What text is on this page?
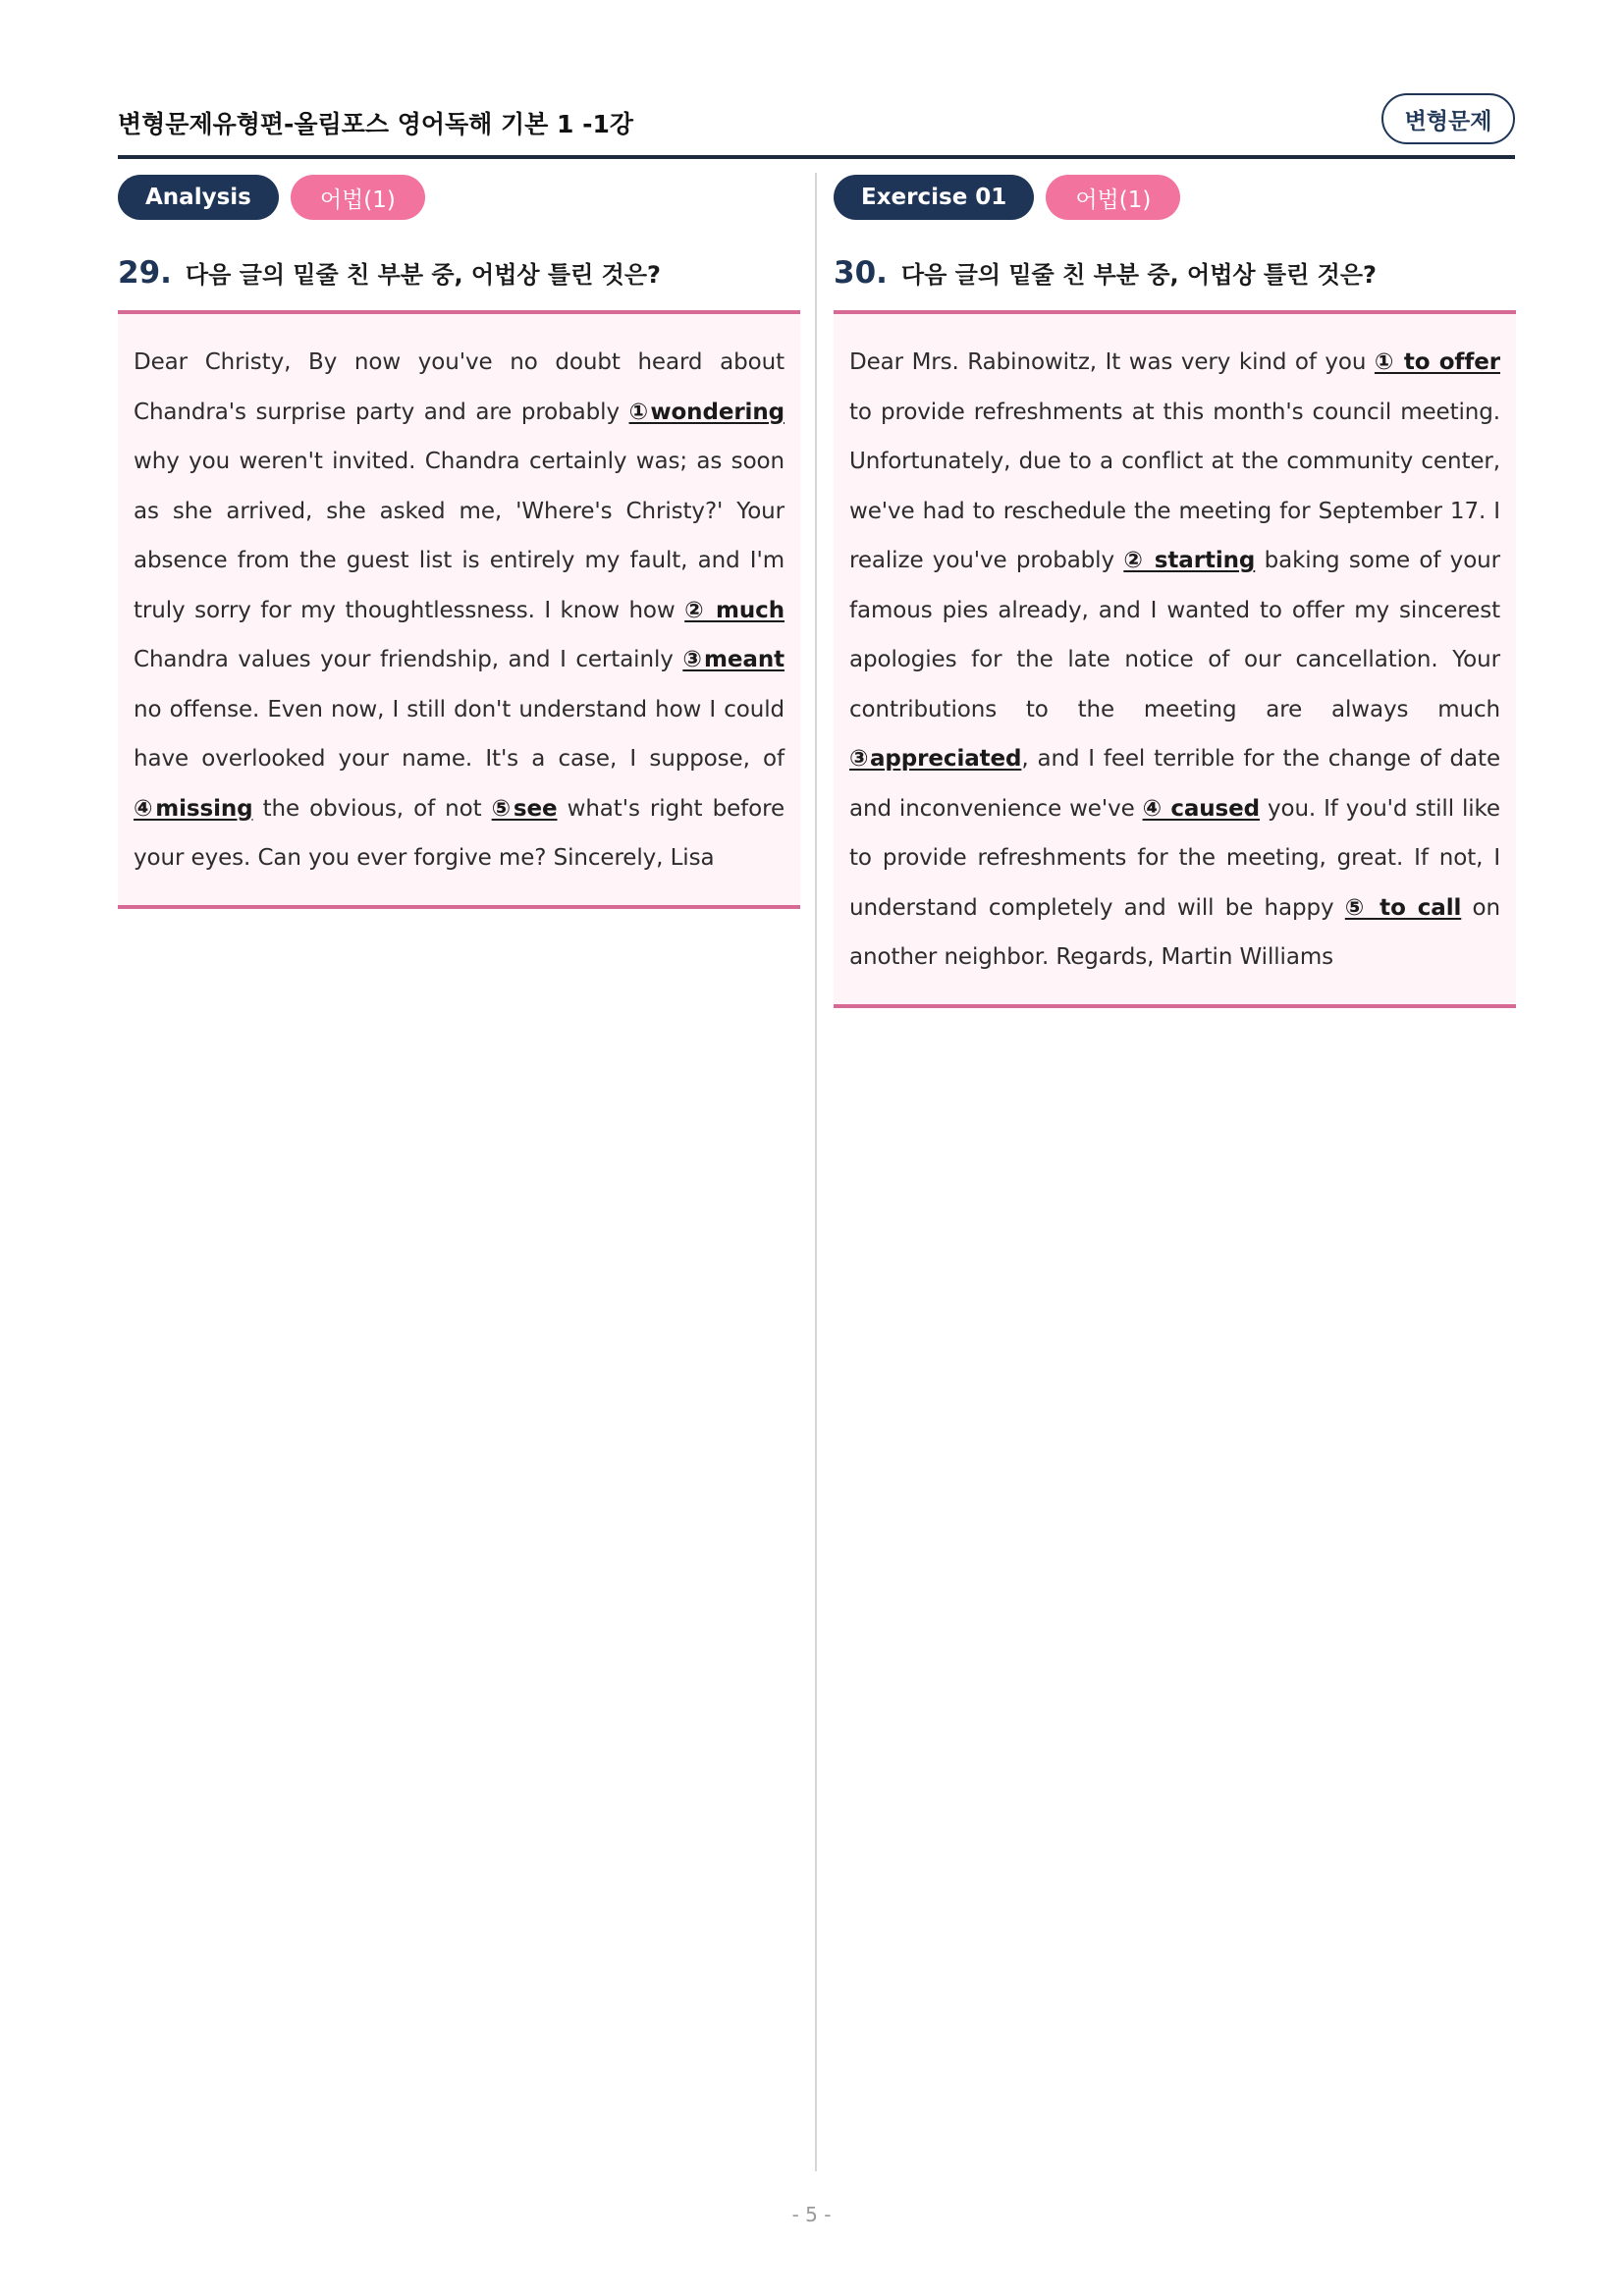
변형문제유형편-올림포스 영어독해 기본 1 -1강	변형문제
Analysis	어법(1)
29. 다음 글의 밑줄 친 부분 중, 어법상 틀린 것은?

Dear Christy, By now you've no doubt heard about Chandra's surprise party and are probably ①wondering why you weren't invited. Chandra certainly was; as soon as she arrived, she asked me, 'Where's Christy?' Your absence from the guest list is entirely my fault, and I'm truly sorry for my thoughtlessness. I know how ② much Chandra values your friendship, and I certainly ③meant no offense. Even now, I still don't understand how I could have overlooked your name. It's a case, I suppose, of ④missing the obvious, of not ⑤see what's right before your eyes. Can you ever forgive me? Sincerely, Lisa

Exercise 01	어법(1)
30. 다음 글의 밑줄 친 부분 중, 어법상 틀린 것은?

Dear Mrs. Rabinowitz, It was very kind of you ① to offer to provide refreshments at this month's council meeting. Unfortunately, due to a conflict at the community center, we've had to reschedule the meeting for September 17. I realize you've probably ② starting baking some of your famous pies already, and I wanted to offer my sincerest apologies for the late notice of our cancellation. Your contributions to the meeting are always much ③appreciated, and I feel terrible for the change of date and inconvenience we've ④ caused you. If you'd still like to provide refreshments for the meeting, great. If not, I understand completely and will be happy ⑤ to call on another neighbor. Regards, Martin Williams

- 5 -
